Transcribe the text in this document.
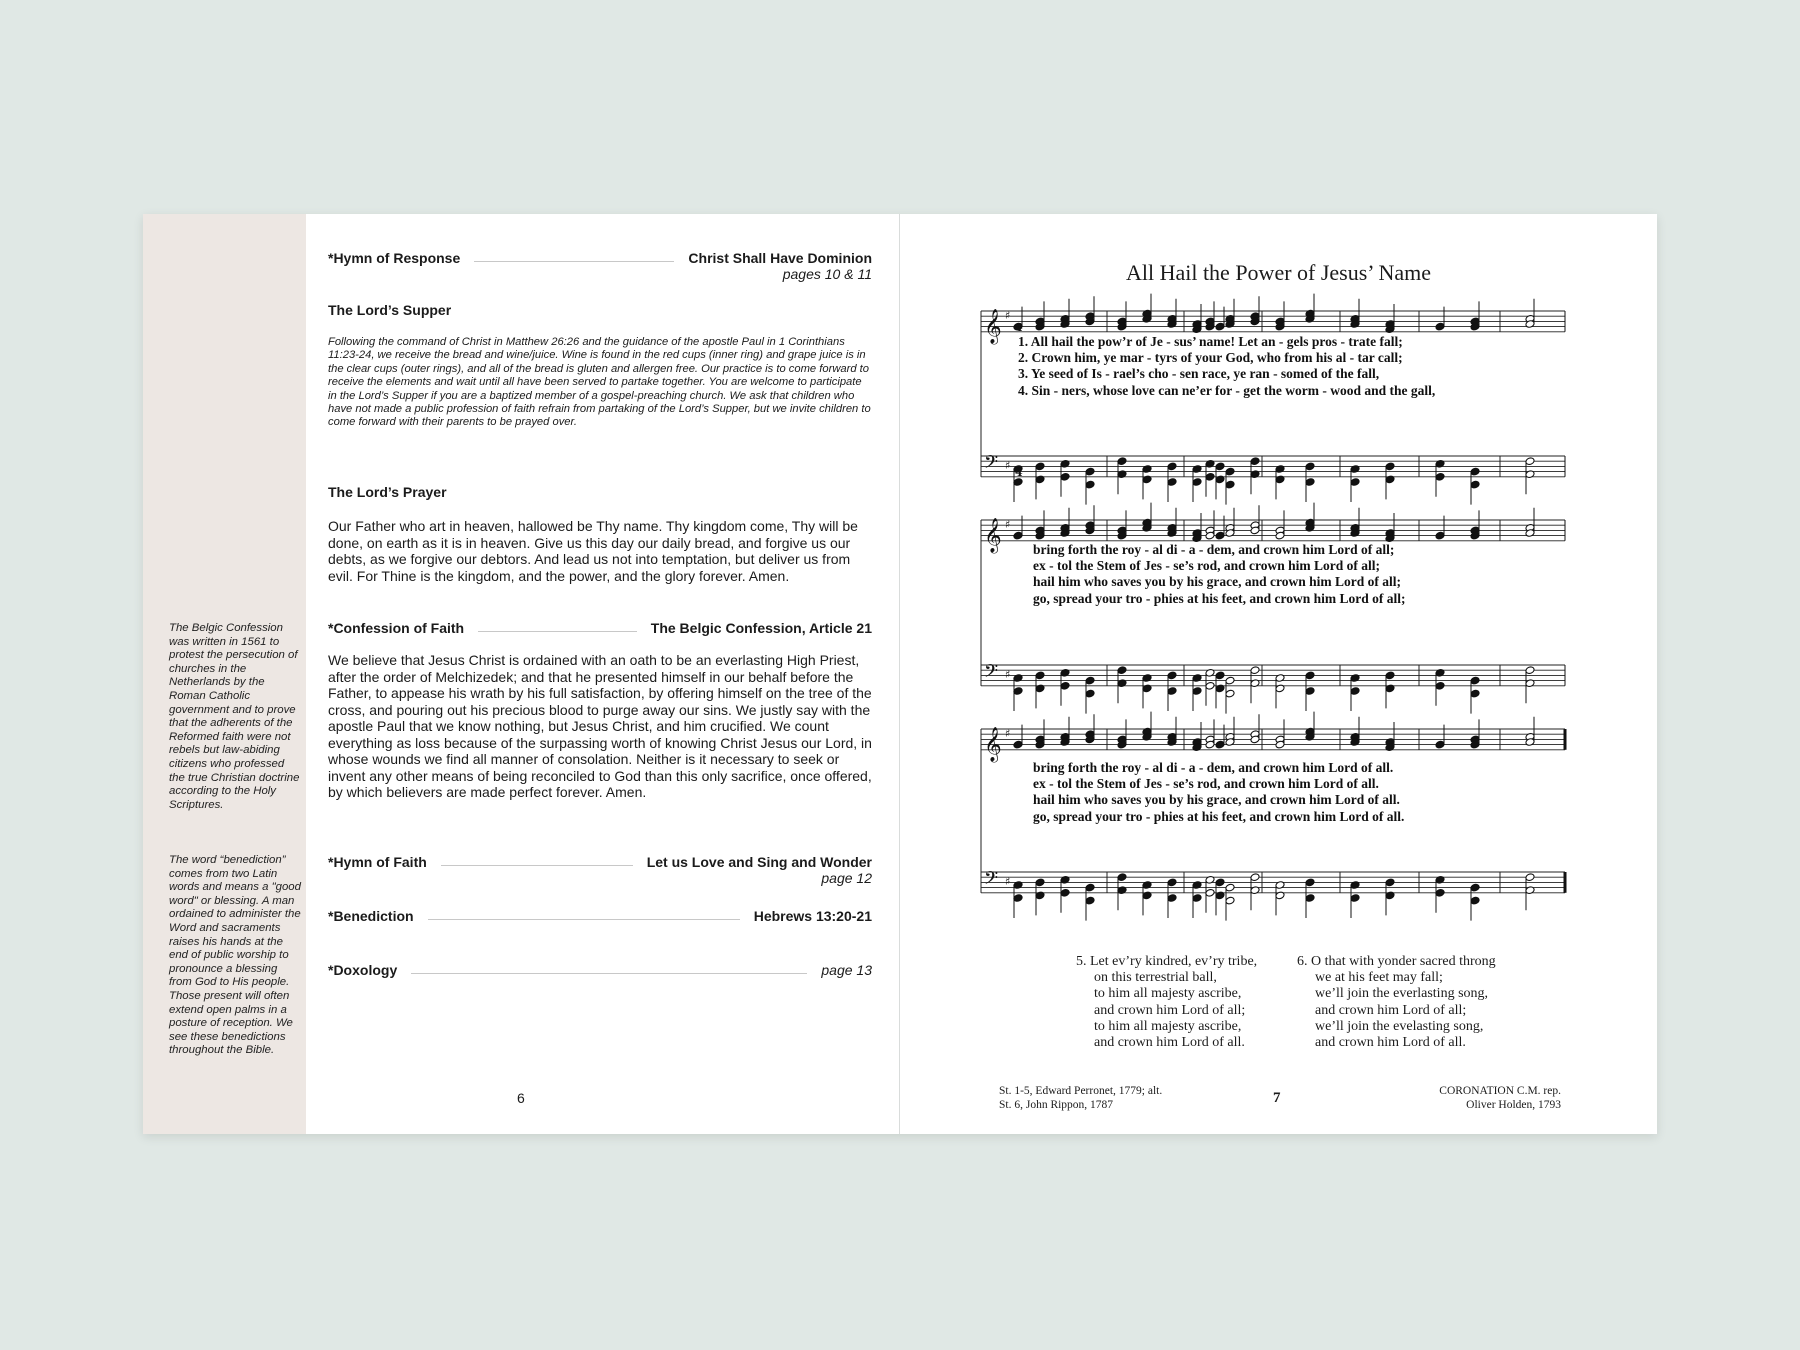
The Belgic Confession was written in 1561 to protest the persecution of churches in the Netherlands by the Roman Catholic government and to prove that the adherents of the Reformed faith were not rebels but law-abiding citizens who professed the true Christian doctrine according to the Holy Scriptures.
The word “benediction” comes from two Latin words and means a "good word" or blessing. A man ordained to administer the Word and sacraments raises his hands at the end of public worship to pronounce a blessing from God to His people. Those present will often extend open palms in a posture of reception. We see these benedictions throughout the Bible.
*Hymn of Response	Christ Shall Have Dominion
pages 10 & 11
The Lord’s Supper
Following the command of Christ in Matthew 26:26 and the guidance of the apostle Paul in 1 Corinthians 11:23-24, we receive the bread and wine/juice. Wine is found in the red cups (inner ring) and grape juice is in the clear cups (outer rings), and all of the bread is gluten and allergen free. Our practice is to come forward to receive the elements and wait until all have been served to partake together. You are welcome to participate in the Lord’s Supper if you are a baptized member of a gospel-preaching church. We ask that children who have not made a public profession of faith refrain from partaking of the Lord’s Supper, but we invite children to come forward with their parents to be prayed over.
The Lord’s Prayer
Our Father who art in heaven, hallowed be Thy name. Thy kingdom come, Thy will be done, on earth as it is in heaven. Give us this day our daily bread, and forgive us our debts, as we forgive our debtors. And lead us not into temptation, but deliver us from evil. For Thine is the kingdom, and the power, and the glory forever. Amen.
*Confession of Faith	The Belgic Confession, Article 21
We believe that Jesus Christ is ordained with an oath to be an everlasting High Priest, after the order of Melchizedek; and that he presented himself in our behalf before the Father, to appease his wrath by his full satisfaction, by offering himself on the tree of the cross, and pouring out his precious blood to purge away our sins. We justly say with the apostle Paul that we know nothing, but Jesus Christ, and him crucified. We count everything as loss because of the surpassing worth of knowing Christ Jesus our Lord, in whose wounds we find all manner of consolation. Neither is it necessary to seek or invent any other means of being reconciled to God than this only sacrifice, once offered, by which believers are made perfect forever. Amen.
*Hymn of Faith	Let us Love and Sing and Wonder
page 12
*Benediction	Hebrews 13:20-21
*Doxology	page 13
6
All Hail the Power of Jesus’ Name
𝄞 ♯
𝄢 ♯
4
4
𝄞 ♯
𝄢 ♯
𝄞 ♯
𝄢 ♯
1. All hail the pow’r of Je - sus’ name! Let an - gels pros - trate fall;
2. Crown him, ye mar - tyrs of your God, who from his al - tar call;
3. Ye seed of Is - rael’s cho - sen race, ye ran - somed of the fall,
4. Sin - ners, whose love can ne’er for - get the worm - wood and the gall,
bring forth the roy - al di - a - dem, and crown him Lord of all;
ex - tol the Stem of Jes - se’s rod, and crown him Lord of all;
hail him who saves you by his grace, and crown him Lord of all;
go, spread your tro - phies at his feet, and crown him Lord of all;
bring forth the roy - al di - a - dem, and crown him Lord of all.
ex - tol the Stem of Jes - se’s rod, and crown him Lord of all.
hail him who saves you by his grace, and crown him Lord of all.
go, spread your tro - phies at his feet, and crown him Lord of all.
5. Let ev’ry kindred, ev’ry tribe,
on this terrestrial ball,
to him all majesty ascribe,
and crown him Lord of all;
to him all majesty ascribe,
and crown him Lord of all.
6. O that with yonder sacred throng
we at his feet may fall;
we’ll join the everlasting song,
and crown him Lord of all;
we’ll join the evelasting song,
and crown him Lord of all.
St. 1-5, Edward Perronet, 1779; alt.
St. 6, John Rippon, 1787	7	CORONATION C.M. rep.
Oliver Holden, 1793
